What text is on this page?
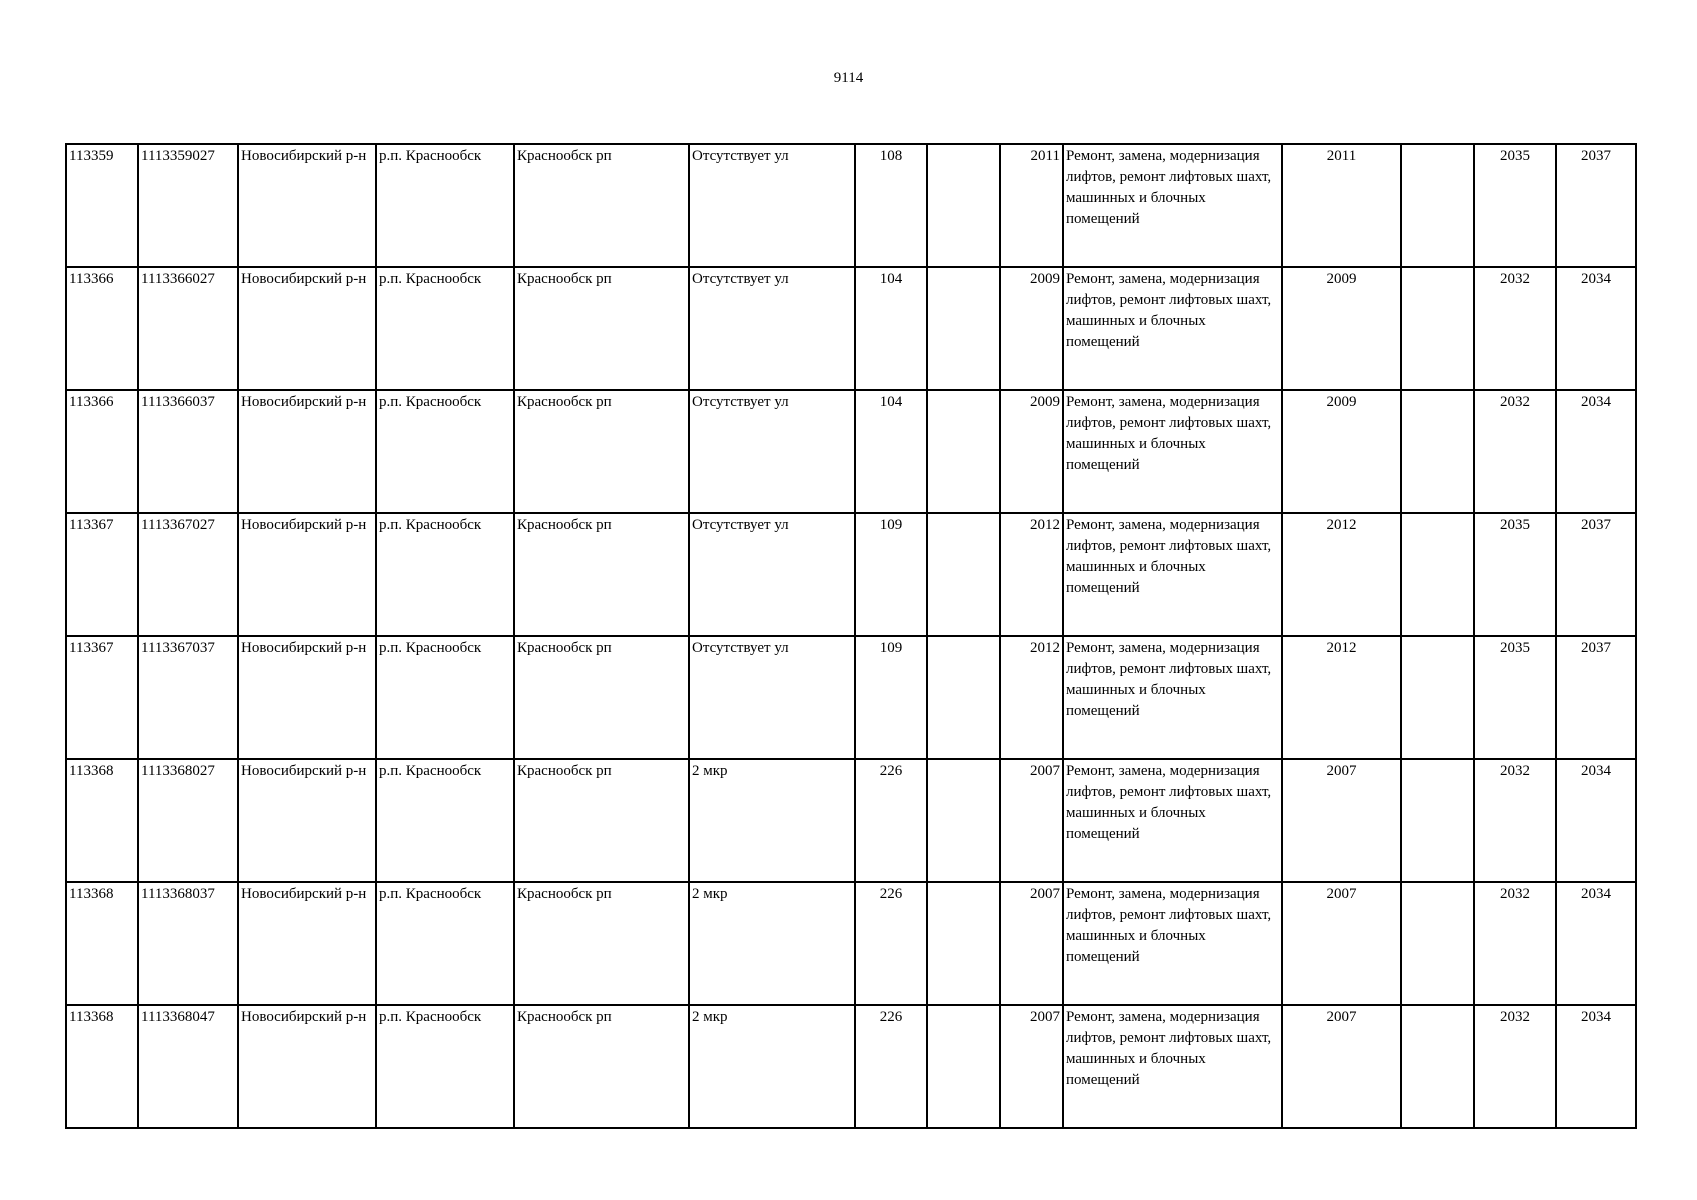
9114
113359	1113359027	Новосибирский р-н	р.п. Краснообск	Краснообск рп	Отсутствует ул	108		2011	Ремонт, замена, модернизация лифтов, ремонт лифтовых шахт, машинных и блочных помещений	2011		2035	2037
113366	1113366027	Новосибирский р-н	р.п. Краснообск	Краснообск рп	Отсутствует ул	104		2009	Ремонт, замена, модернизация лифтов, ремонт лифтовых шахт, машинных и блочных помещений	2009		2032	2034
113366	1113366037	Новосибирский р-н	р.п. Краснообск	Краснообск рп	Отсутствует ул	104		2009	Ремонт, замена, модернизация лифтов, ремонт лифтовых шахт, машинных и блочных помещений	2009		2032	2034
113367	1113367027	Новосибирский р-н	р.п. Краснообск	Краснообск рп	Отсутствует ул	109		2012	Ремонт, замена, модернизация лифтов, ремонт лифтовых шахт, машинных и блочных помещений	2012		2035	2037
113367	1113367037	Новосибирский р-н	р.п. Краснообск	Краснообск рп	Отсутствует ул	109		2012	Ремонт, замена, модернизация лифтов, ремонт лифтовых шахт, машинных и блочных помещений	2012		2035	2037
113368	1113368027	Новосибирский р-н	р.п. Краснообск	Краснообск рп	2 мкр	226		2007	Ремонт, замена, модернизация лифтов, ремонт лифтовых шахт, машинных и блочных помещений	2007		2032	2034
113368	1113368037	Новосибирский р-н	р.п. Краснообск	Краснообск рп	2 мкр	226		2007	Ремонт, замена, модернизация лифтов, ремонт лифтовых шахт, машинных и блочных помещений	2007		2032	2034
113368	1113368047	Новосибирский р-н	р.п. Краснообск	Краснообск рп	2 мкр	226		2007	Ремонт, замена, модернизация лифтов, ремонт лифтовых шахт, машинных и блочных помещений	2007		2032	2034
